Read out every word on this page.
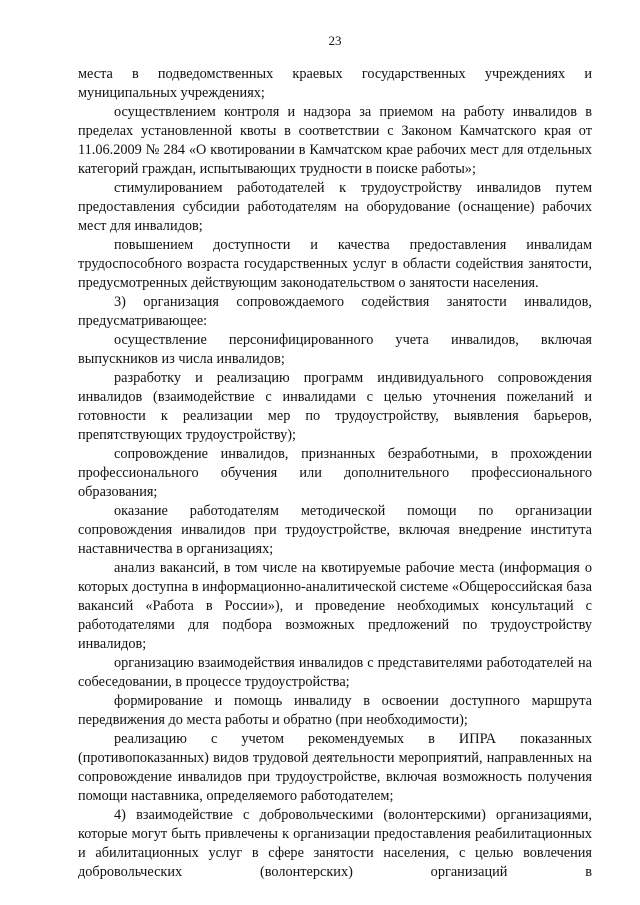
23

места в подведомственных краевых государственных учреждениях и муниципальных учреждениях;

осуществлением контроля и надзора за приемом на работу инвалидов в пределах установленной квоты в соответствии с Законом Камчатского края от 11.06.2009 № 284 «О квотировании в Камчатском крае рабочих мест для отдельных категорий граждан, испытывающих трудности в поиске работы»;

стимулированием работодателей к трудоустройству инвалидов путем предоставления субсидии работодателям на оборудование (оснащение) рабочих мест для инвалидов;

повышением доступности и качества предоставления инвалидам трудоспособного возраста государственных услуг в области содействия занятости, предусмотренных действующим законодательством о занятости населения.

3) организация сопровождаемого содействия занятости инвалидов, предусматривающее:

осуществление персонифицированного учета инвалидов, включая выпускников из числа инвалидов;

разработку и реализацию программ индивидуального сопровождения инвалидов (взаимодействие с инвалидами с целью уточнения пожеланий и готовности к реализации мер по трудоустройству, выявления барьеров, препятствующих трудоустройству);

сопровождение инвалидов, признанных безработными, в прохождении профессионального обучения или дополнительного профессионального образования;

оказание работодателям методической помощи по организации сопровождения инвалидов при трудоустройстве, включая внедрение института наставничества в организациях;

анализ вакансий, в том числе на квотируемые рабочие места (информация о которых доступна в информационно-аналитической системе «Общероссийская база вакансий «Работа в России»), и проведение необходимых консультаций с работодателями для подбора возможных предложений по трудоустройству инвалидов;

организацию взаимодействия инвалидов с представителями работодателей на собеседовании, в процессе трудоустройства;

формирование и помощь инвалиду в освоении доступного маршрута передвижения до места работы и обратно (при необходимости);

реализацию с учетом рекомендуемых в ИПРА показанных (противопоказанных) видов трудовой деятельности мероприятий, направленных на сопровождение инвалидов при трудоустройстве, включая возможность получения помощи наставника, определяемого работодателем;

4) взаимодействие с добровольческими (волонтерскими) организациями, которые могут быть привлечены к организации предоставления реабилитационных и абилитационных услуг в сфере занятости населения, с целью вовлечения добровольческих (волонтерских) организаций в
